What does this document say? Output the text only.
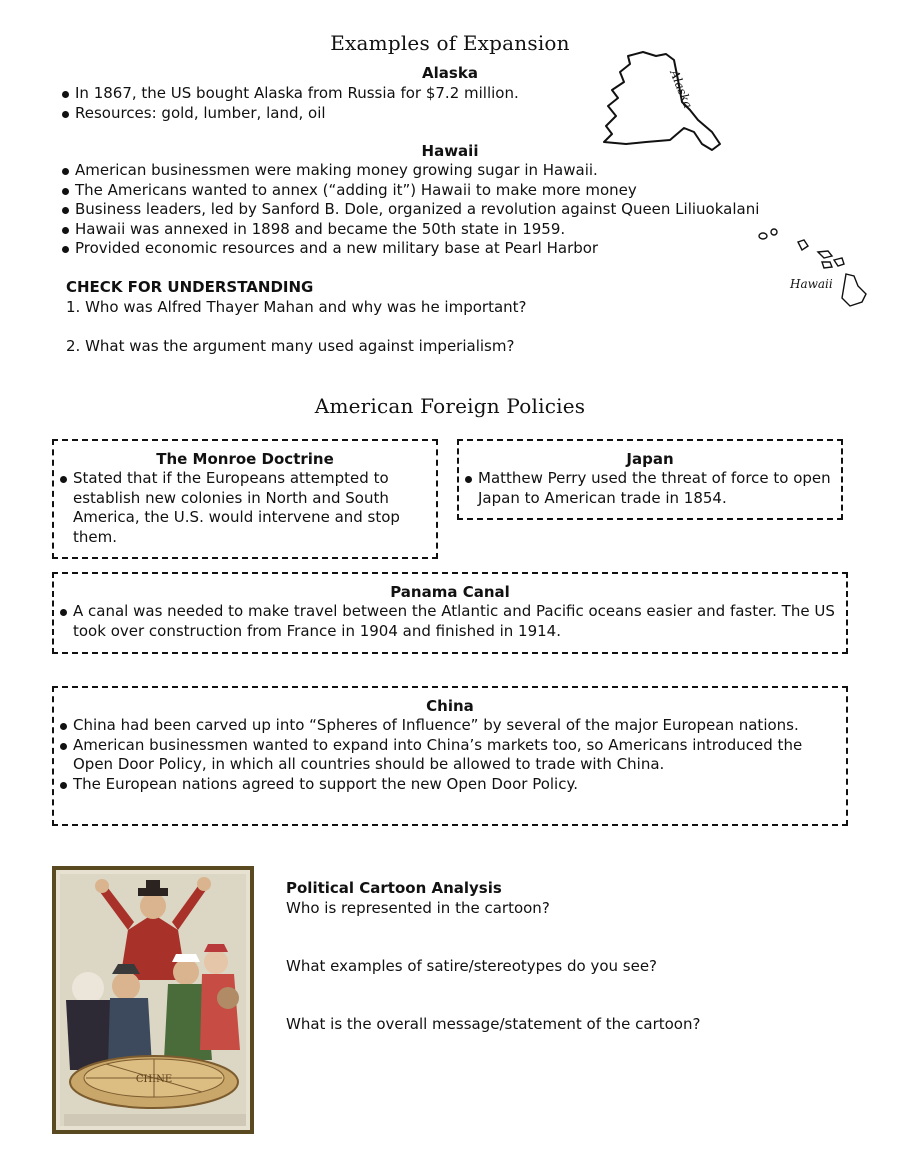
Examples of Expansion
Alaska
In 1867, the US bought Alaska from Russia for $7.2 million.
Resources: gold, lumber, land, oil
Alaska
Hawaii
American businessmen were making money growing sugar in Hawaii.
The Americans wanted to annex (“adding it”) Hawaii to make more money
Business leaders, led by Sanford B. Dole, organized a revolution against Queen Liliuokalani
Hawaii was annexed in 1898 and became the 50th state in 1959.
Provided economic resources and a new military base at Pearl Harbor
Hawaii
CHECK FOR UNDERSTANDING
1. Who was Alfred Thayer Mahan and why was he important?
2. What was the argument many used against imperialism?
American Foreign Policies
The Monroe Doctrine
Stated that if the Europeans attempted to establish new colonies in North and South America, the U.S. would intervene and stop them.
Japan
Matthew Perry used the threat of force to open Japan to American trade in 1854.
Panama Canal
A canal was needed to make travel between the Atlantic and Pacific oceans easier and faster. The US took over construction from France in 1904 and finished in 1914.
China
China had been carved up into “Spheres of Influence” by several of the major European nations.
American businessmen wanted to expand into China’s markets too, so Americans introduced the Open Door Policy, in which all countries should be allowed to trade with China.
The European nations agreed to support the new Open Door Policy.
CHINE
Political Cartoon Analysis
Who is represented in the cartoon?
What examples of satire/stereotypes do you see?
What is the overall message/statement of the cartoon?
